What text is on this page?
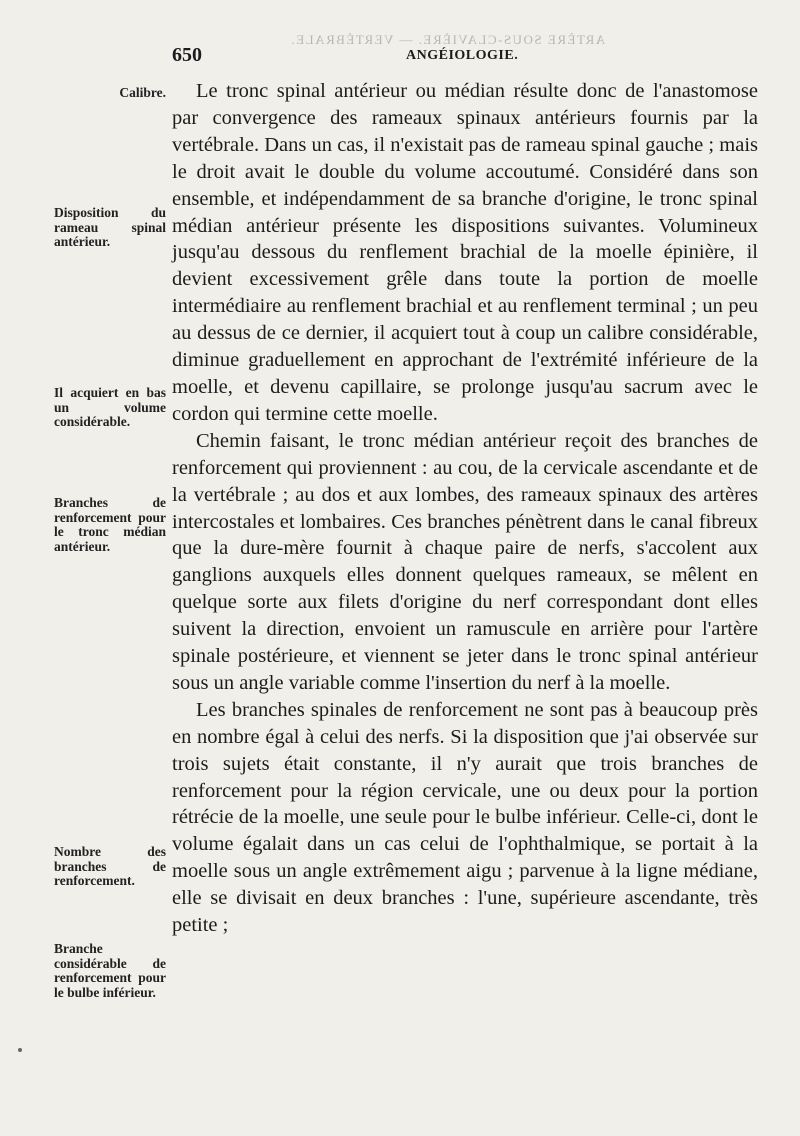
ARTÈRE SOUS-CLAVIÈRE. — VERTÉBRALE.
650	ANGÉIOLOGIE.
Calibre.
Disposition du rameau spinal antérieur.
Il acquiert en bas un volume considérable.
Branches de renforcement pour le tronc médian antérieur.
Nombre des branches de renforcement.
Branche considérable de renforcement pour le bulbe inférieur.

Le tronc spinal antérieur ou médian résulte donc de l'anastomose par convergence des rameaux spinaux antérieurs fournis par la vertébrale. Dans un cas, il n'existait pas de rameau spinal gauche ; mais le droit avait le double du volume accoutumé. Considéré dans son ensemble, et indépendamment de sa branche d'origine, le tronc spinal médian antérieur présente les dispositions suivantes. Volumineux jusqu'au dessous du renflement brachial de la moelle épinière, il devient excessivement grêle dans toute la portion de moelle intermédiaire au renflement brachial et au renflement terminal ; un peu au dessus de ce dernier, il acquiert tout à coup un calibre considérable, diminue graduellement en approchant de l'extrémité inférieure de la moelle, et devenu capillaire, se prolonge jusqu'au sacrum avec le cordon qui termine cette moelle.

Chemin faisant, le tronc médian antérieur reçoit des branches de renforcement qui proviennent : au cou, de la cervicale ascendante et de la vertébrale ; au dos et aux lombes, des rameaux spinaux des artères intercostales et lombaires. Ces branches pénètrent dans le canal fibreux que la dure-mère fournit à chaque paire de nerfs, s'accolent aux ganglions auxquels elles donnent quelques rameaux, se mêlent en quelque sorte aux filets d'origine du nerf correspondant dont elles suivent la direction, envoient un ramuscule en arrière pour l'artère spinale postérieure, et viennent se jeter dans le tronc spinal antérieur sous un angle variable comme l'insertion du nerf à la moelle.

Les branches spinales de renforcement ne sont pas à beaucoup près en nombre égal à celui des nerfs. Si la disposition que j'ai observée sur trois sujets était constante, il n'y aurait que trois branches de renforcement pour la région cervicale, une ou deux pour la portion rétrécie de la moelle, une seule pour le bulbe inférieur. Celle-ci, dont le volume égalait dans un cas celui de l'ophthalmique, se portait à la moelle sous un angle extrêmement aigu ; parvenue à la ligne médiane, elle se divisait en deux branches : l'une, supérieure ascendante, très petite ;
